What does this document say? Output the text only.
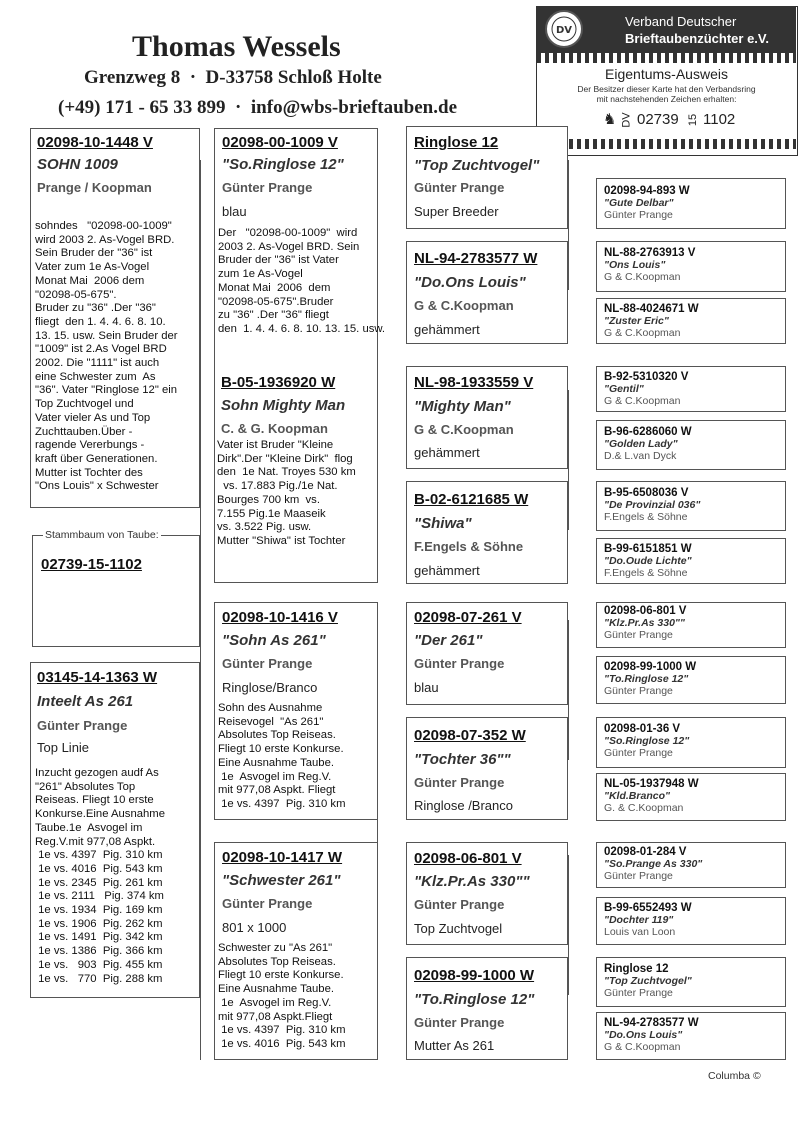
Thomas Wessels
Grenzweg 8  ·  D-33758 Schloß Holte
(+49) 171 - 65 33 899  ·  info@wbs-brieftauben.de
DV
Verband Deutscher
Brieftaubenzüchter e.V.
Eigentums-Ausweis
Der Besitzer dieser Karte hat den Verbandsring
mit nachstehenden Zeichen erhalten:
♞ DV 02739 15 1102
Stammbaum von Taube:
02739-15-1102
02098-10-1448 V
SOHN 1009
Prange / Koopman
sohndes   "02098-00-1009"
wird 2003 2. As-Vogel BRD.
Sein Bruder der "36" ist
Vater zum 1e As-Vogel
Monat Mai  2006 dem
"02098-05-675".
Bruder zu "36" .Der "36"
fliegt  den 1. 4. 4. 6. 8. 10.
13. 15. usw. Sein Bruder der
"1009" ist 2.As Vogel BRD
2002. Die "1111" ist auch
eine Schwester zum  As
"36". Vater "Ringlose 12" ein
Top Zuchtvogel und
Vater vieler As und Top
Zuchttauben.Über -
ragende Vererbungs -
kraft über Generationen.
Mutter ist Tochter des
"Ons Louis" x Schwester
03145-14-1363 W
Inteelt As 261
Günter Prange
Top Linie
Inzucht gezogen audf As
"261" Absolutes Top
Reiseas. Fliegt 10 erste
Konkurse.Eine Ausnahme
Taube.1e  Asvogel im
Reg.V.mit 977,08 Aspkt.
1e vs. 4397  Pig. 310 km
1e vs. 4016  Pig. 543 km
1e vs. 2345  Pig. 261 km
1e vs. 2111   Pig. 374 km
1e vs. 1934  Pig. 169 km
1e vs. 1906  Pig. 262 km
1e vs. 1491  Pig. 342 km
1e vs. 1386  Pig. 366 km
1e vs.   903  Pig. 455 km
1e vs.   770  Pig. 288 km
02098-00-1009 V
"So.Ringlose 12"
Günter Prange
blau
Der   "02098-00-1009"  wird
2003 2. As-Vogel BRD. Sein
Bruder der "36" ist Vater
zum 1e As-Vogel
Monat Mai  2006  dem
"02098-05-675".Bruder
zu "36" .Der "36" fliegt
den  1. 4. 4. 6. 8. 10. 13. 15. usw.
B-05-1936920 W
Sohn Mighty Man
C. & G. Koopman
Vater ist Bruder "Kleine
Dirk".Der "Kleine Dirk"  flog
den  1e Nat. Troyes 530 km
vs. 17.883 Pig./1e Nat.
Bourges 700 km  vs.
7.155 Pig.1e Maaseik
vs. 3.522 Pig. usw.
Mutter "Shiwa" ist Tochter
02098-10-1416 V
"Sohn As 261"
Günter Prange
Ringlose/Branco
Sohn des Ausnahme
Reisevogel  "As 261"
Absolutes Top Reiseas.
Fliegt 10 erste Konkurse.
Eine Ausnahme Taube.
1e  Asvogel im Reg.V.
mit 977,08 Aspkt. Fliegt
1e vs. 4397  Pig. 310 km
02098-10-1417 W
"Schwester 261"
Günter Prange
801 x 1000
Schwester zu "As 261"
Absolutes Top Reiseas.
Fliegt 10 erste Konkurse.
Eine Ausnahme Taube.
1e  Asvogel im Reg.V.
mit 977,08 Aspkt.Fliegt
1e vs. 4397  Pig. 310 km
1e vs. 4016  Pig. 543 km
Ringlose 12
"Top Zuchtvogel"
Günter Prange
Super Breeder
NL-94-2783577 W
"Do.Ons Louis"
G & C.Koopman
gehämmert
NL-98-1933559 V
"Mighty Man"
G & C.Koopman
gehämmert
B-02-6121685 W
"Shiwa"
F.Engels & Söhne
gehämmert
02098-07-261 V
"Der 261"
Günter Prange
blau
02098-07-352 W
"Tochter 36""
Günter Prange
Ringlose /Branco
02098-06-801 V
"Klz.Pr.As 330""
Günter Prange
Top Zuchtvogel
02098-99-1000 W
"To.Ringlose 12"
Günter Prange
Mutter As 261
02098-94-893 W
"Gute Delbar"
Günter Prange
NL-88-2763913 V
"Ons Louis"
G & C.Koopman
NL-88-4024671 W
"Zuster Eric"
G & C.Koopman
B-92-5310320 V
"Gentil"
G & C.Koopman
B-96-6286060 W
"Golden Lady"
D.& L.van Dyck
B-95-6508036 V
"De Provinzial 036"
F.Engels & Söhne
B-99-6151851 W
"Do.Oude Lichte"
F.Engels & Söhne
02098-06-801 V
"Klz.Pr.As 330""
Günter Prange
02098-99-1000 W
"To.Ringlose 12"
Günter Prange
02098-01-36 V
"So.Ringlose 12"
Günter Prange
NL-05-1937948 W
"Kld.Branco"
G. & C.Koopman
02098-01-284 V
"So.Prange As 330"
Günter Prange
B-99-6552493 W
"Dochter 119"
Louis van Loon
Ringlose 12
"Top Zuchtvogel"
Günter Prange
NL-94-2783577 W
"Do.Ons Louis"
G & C.Koopman
Columba ©
